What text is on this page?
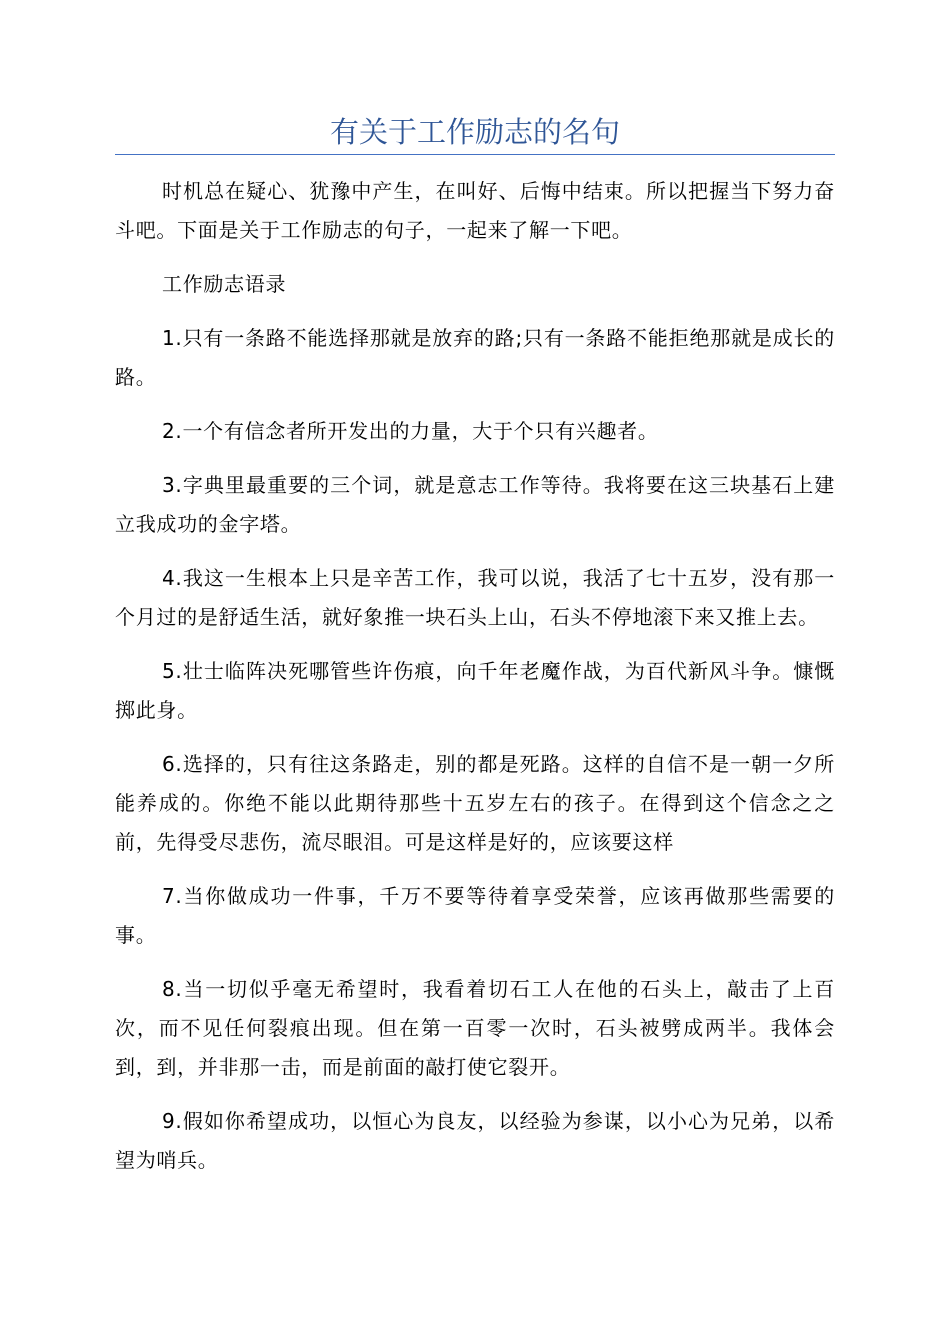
有关于工作励志的名句

时机总在疑心、犹豫中产生，在叫好、后悔中结束。所以把握当下努力奋斗吧。下面是关于工作励志的句子，一起来了解一下吧。

工作励志语录

1.只有一条路不能选择那就是放弃的路;只有一条路不能拒绝那就是成长的路。

2.一个有信念者所开发出的力量，大于个只有兴趣者。

3.字典里最重要的三个词，就是意志工作等待。我将要在这三块基石上建立我成功的金字塔。

4.我这一生根本上只是辛苦工作，我可以说，我活了七十五岁，没有那一个月过的是舒适生活，就好象推一块石头上山，石头不停地滚下来又推上去。

5.壮士临阵决死哪管些许伤痕，向千年老魔作战，为百代新风斗争。慷慨掷此身。

6.选择的，只有往这条路走，别的都是死路。这样的自信不是一朝一夕所能养成的。你绝不能以此期待那些十五岁左右的孩子。在得到这个信念之之前，先得受尽悲伤，流尽眼泪。可是这样是好的，应该要这样

7.当你做成功一件事，千万不要等待着享受荣誉，应该再做那些需要的事。

8.当一切似乎毫无希望时，我看着切石工人在他的石头上，敲击了上百次，而不见任何裂痕出现。但在第一百零一次时，石头被劈成两半。我体会到，到，并非那一击，而是前面的敲打使它裂开。

9.假如你希望成功，以恒心为良友，以经验为参谋，以小心为兄弟，以希望为哨兵。
